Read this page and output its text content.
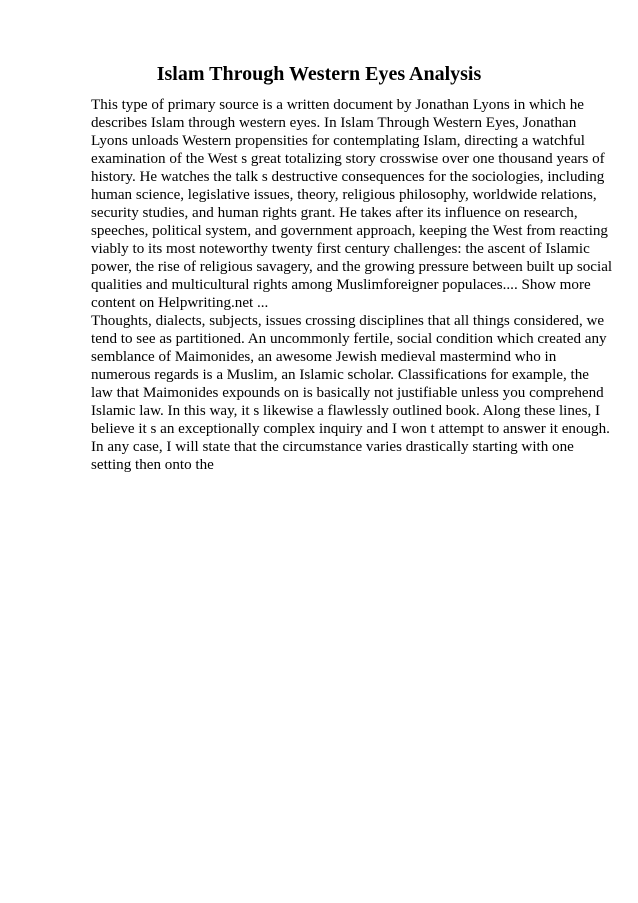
Islam Through Western Eyes Analysis
This type of primary source is a written document by Jonathan Lyons in which he
describes Islam through western eyes. In Islam Through Western Eyes, Jonathan
Lyons unloads Western propensities for contemplating Islam, directing a watchful
examination of the West s great totalizing story crosswise over one thousand years of
history. He watches the talk s destructive consequences for the sociologies, including
human science, legislative issues, theory, religious philosophy, worldwide relations,
security studies, and human rights grant. He takes after its influence on research,
speeches, political system, and government approach, keeping the West from reacting
viably to its most noteworthy twenty first century challenges: the ascent of Islamic
power, the rise of religious savagery, and the growing pressure between built up social
qualities and multicultural rights among Muslimforeigner populaces.... Show more
content on Helpwriting.net ...
Thoughts, dialects, subjects, issues crossing disciplines that all things considered, we
tend to see as partitioned. An uncommonly fertile, social condition which created any
semblance of Maimonides, an awesome Jewish medieval mastermind who in
numerous regards is a Muslim, an Islamic scholar. Classifications for example, the
law that Maimonides expounds on is basically not justifiable unless you comprehend
Islamic law. In this way, it s likewise a flawlessly outlined book. Along these lines, I
believe it s an exceptionally complex inquiry and I won t attempt to answer it enough.
In any case, I will state that the circumstance varies drastically starting with one
setting then onto the
